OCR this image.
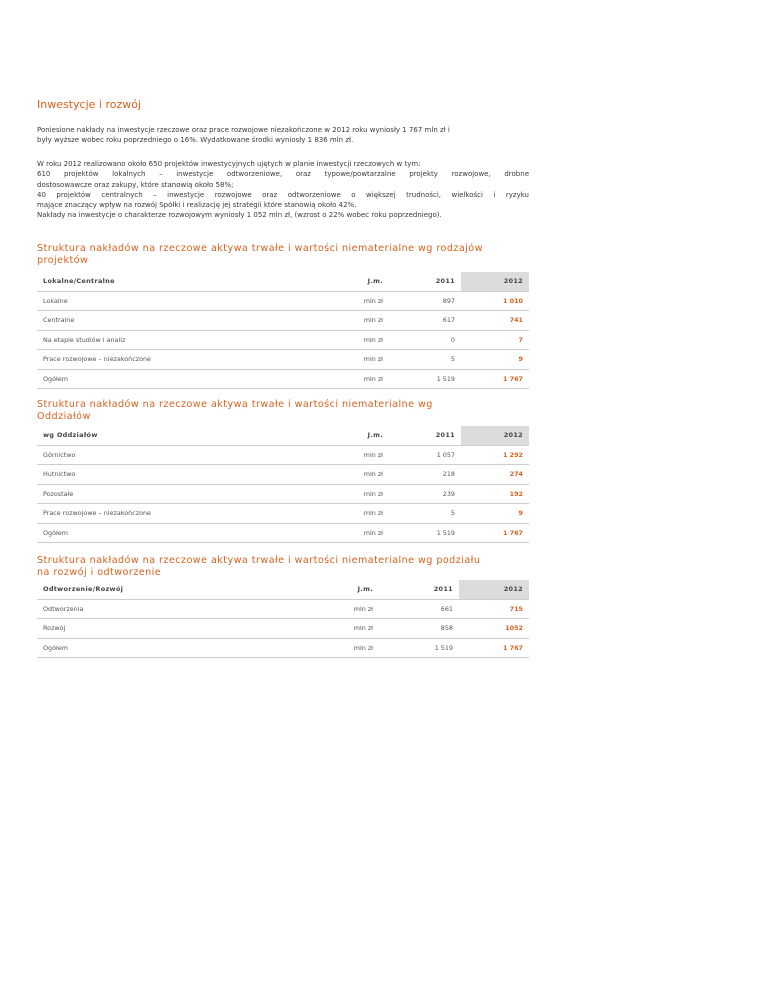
Inwestycje i rozwój
Poniesione nakłady na inwestycje rzeczowe oraz prace rozwojowe niezakończone w 2012 roku wyniosły 1 767 mln zł i
były wyższe wobec roku poprzedniego o 16%. Wydatkowane środki wyniosły 1 836 mln zł.
W roku 2012 realizowano około 650 projektów inwestycyjnych ujętych w planie inwestycji rzeczowych w tym:
610 projektów lokalnych – inwestycje odtworzeniowe, oraz typowe/powtarzalne projekty rozwojowe, drobne
dostosowawcze oraz zakupy, które stanowią około 58%;
40 projektów centralnych – inwestycje rozwojowe oraz odtworzeniowe o większej trudności, wielkości i ryzyku
mające znaczący wpływ na rozwój Spółki i realizację jej strategii które stanowią około 42%.
Nakłady na inwestycje o charakterze rozwojowym wyniosły 1 052 mln zł, (wzrost o 22% wobec roku poprzedniego).
Struktura nakładów na rzeczowe aktywa trwałe i wartości niematerialne wg rodzajów
projektów
Lokalne/Centralne	J.m.	2011	2012
Lokalne	mln zł	897	1 010
Centralne	mln zł	617	741
Na etapie studiów i analiz	mln zł	0	7
Prace rozwojowe – niezakończone	mln zł	5	9
Ogółem	mln zł	1 519	1 767
Struktura nakładów na rzeczowe aktywa trwałe i wartości niematerialne wg
Oddziałów
wg Oddziałów	J.m.	2011	2012
Górnictwo	mln zł	1 057	1 292
Hutnictwo	mln zł	218	274
Pozostałe	mln zł	239	192
Prace rozwojowe – niezakończone	mln zł	5	9
Ogółem	mln zł	1 519	1 767
Struktura nakładów na rzeczowe aktywa trwałe i wartości niematerialne wg podziału
na rozwój i odtworzenie
Odtworzenie/Rozwój	J.m.	2011	2012
Odtworzenia	mln zł	661	715
Rozwój	mln zł	858	1052
Ogółem	mln zł	1 519	1 767
